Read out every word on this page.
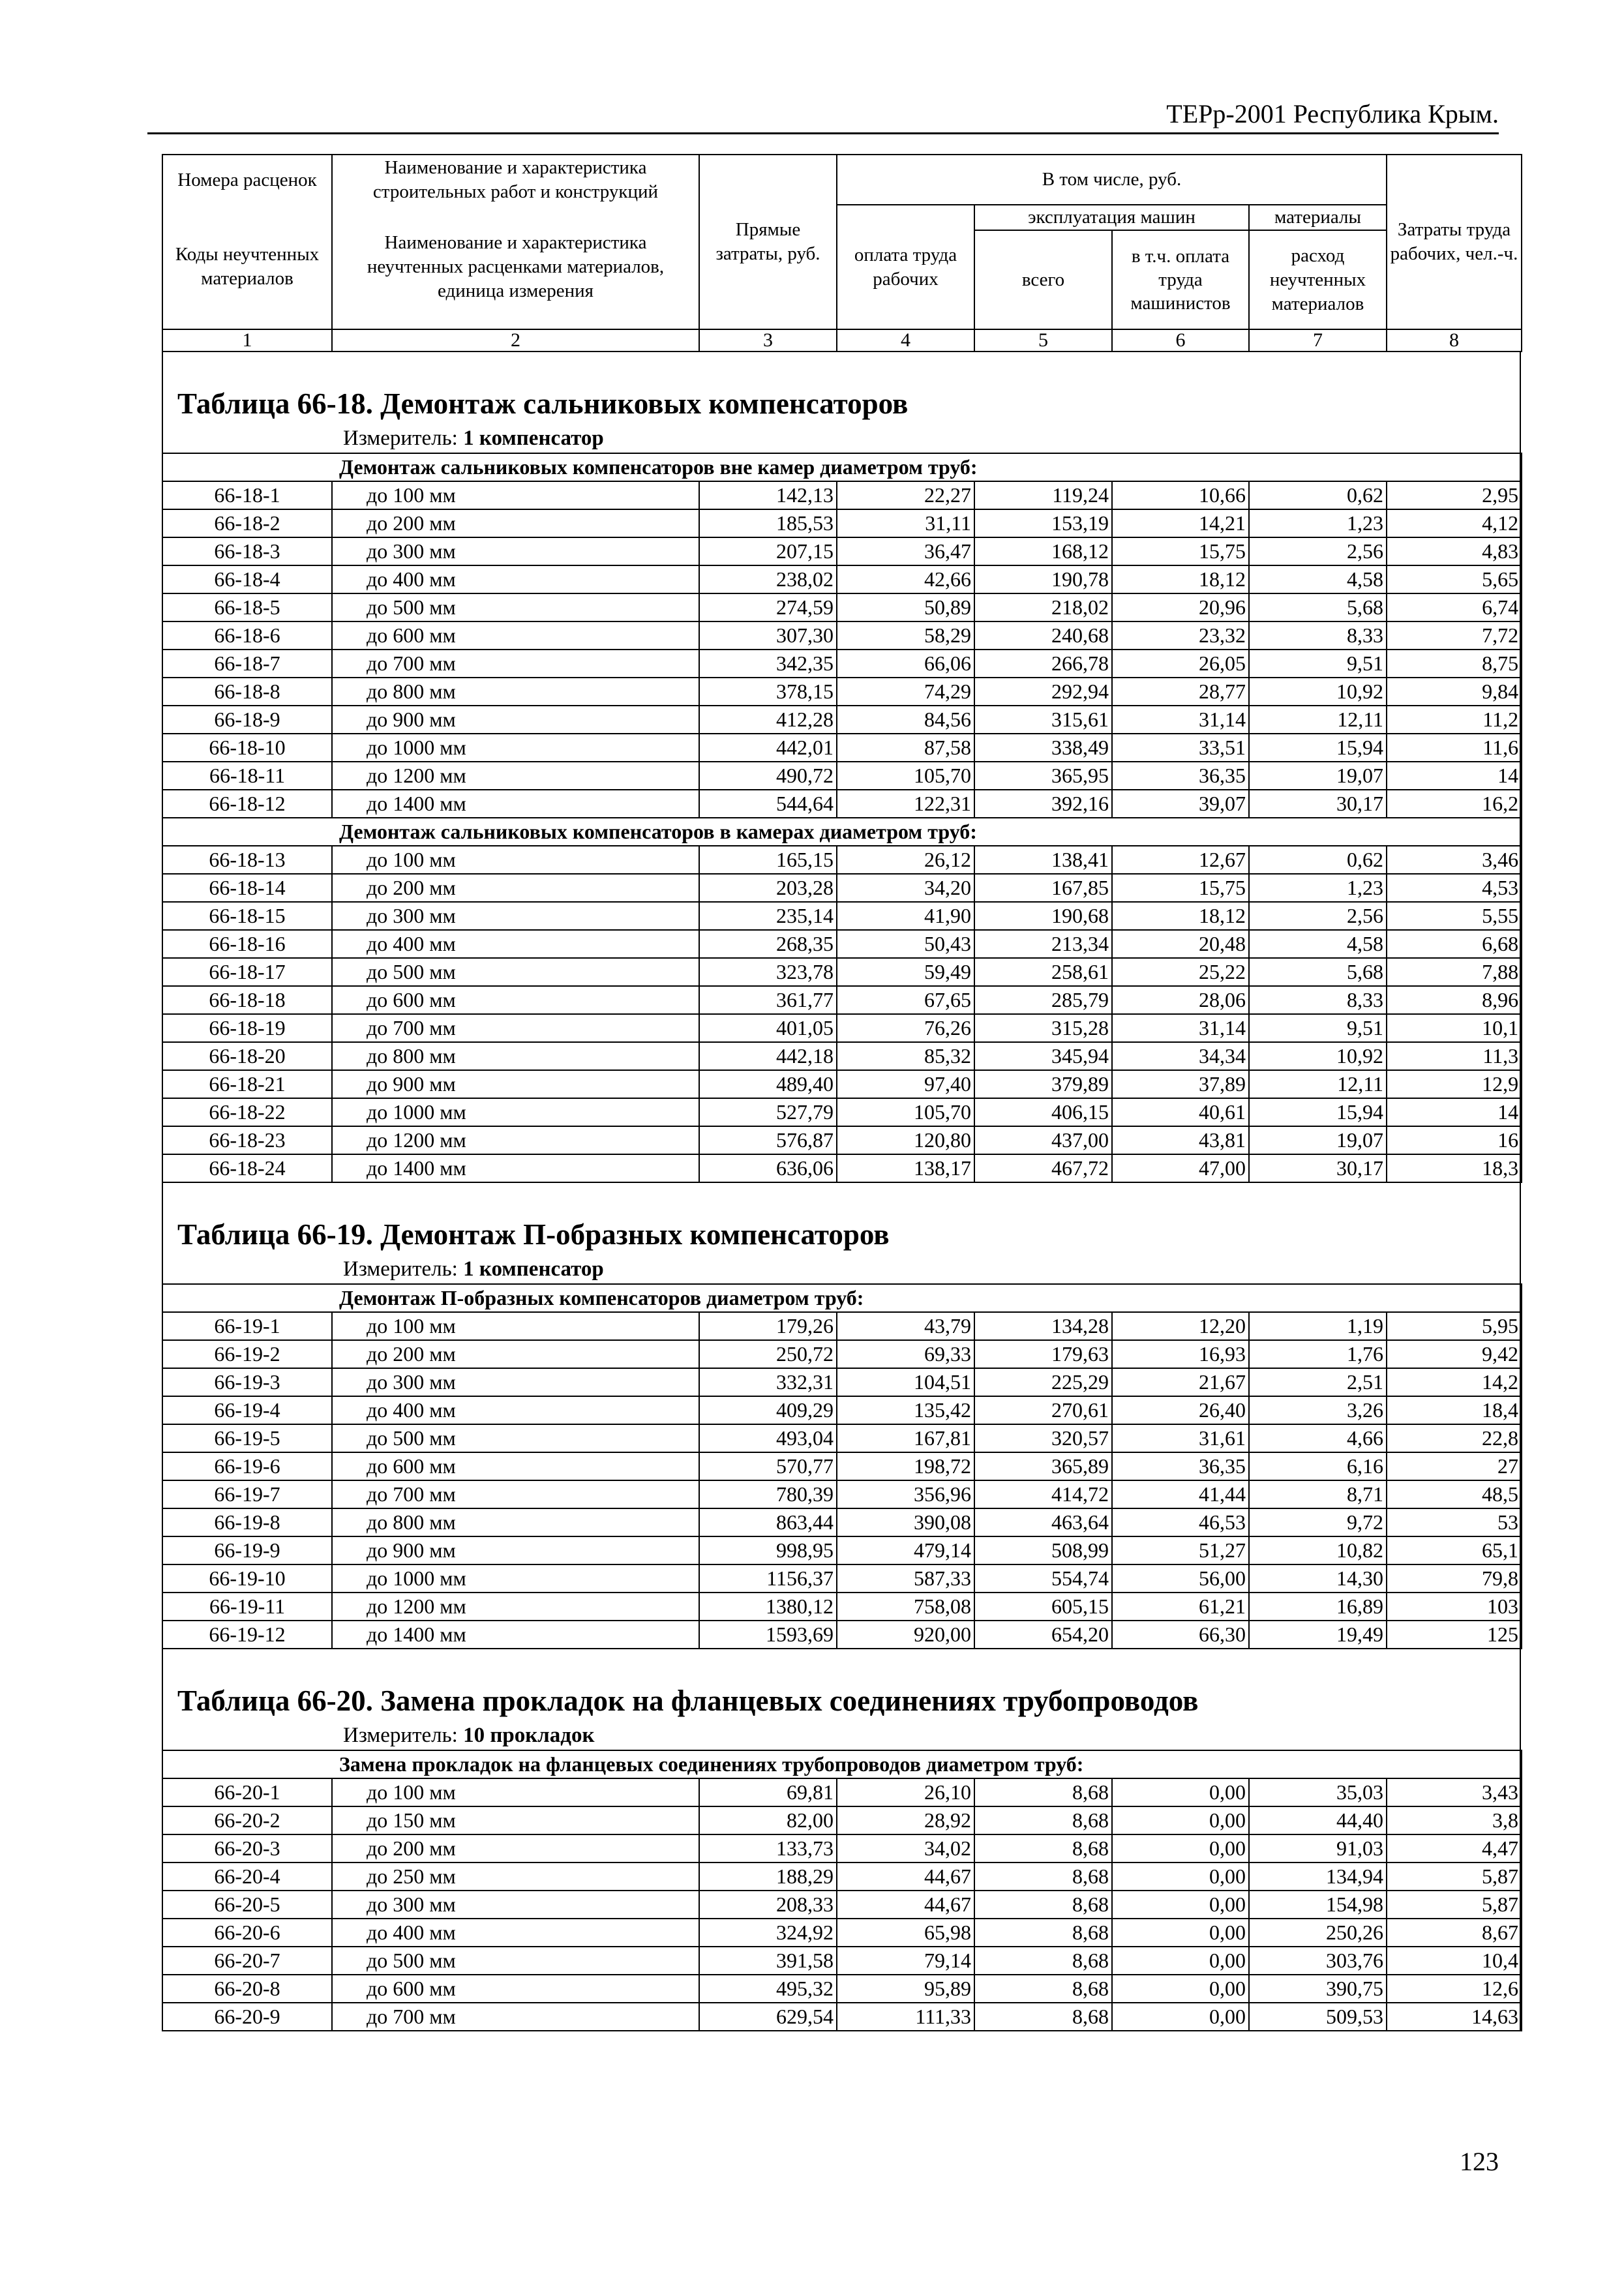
ТЕРр-2001 Республика Крым.
Номера расценок	Наименование и характеристика строительных работ и конструкций	Прямые затраты, руб.	В том числе, руб.				Затраты труда рабочих, чел.-ч.
Коды неучтенных материалов	Наименование и характеристика неучтенных расценками материалов, единица измерения		оплата труда рабочих	эксплуатация машин		материалы	
				всего	в т.ч. оплата труда машинистов	расход неучтенных материалов	

1	2	3	4	5	6	7	8
Таблица 66-18. Демонтаж сальниковых компенсаторов
Измеритель: 1 компенсатор
Демонтаж сальниковых компенсаторов вне камер диаметром труб:							
66-18-1	до 100 мм	142,13	22,27	119,24	10,66	0,62	2,95
66-18-2	до 200 мм	185,53	31,11	153,19	14,21	1,23	4,12
66-18-3	до 300 мм	207,15	36,47	168,12	15,75	2,56	4,83
66-18-4	до 400 мм	238,02	42,66	190,78	18,12	4,58	5,65
66-18-5	до 500 мм	274,59	50,89	218,02	20,96	5,68	6,74
66-18-6	до 600 мм	307,30	58,29	240,68	23,32	8,33	7,72
66-18-7	до 700 мм	342,35	66,06	266,78	26,05	9,51	8,75
66-18-8	до 800 мм	378,15	74,29	292,94	28,77	10,92	9,84
66-18-9	до 900 мм	412,28	84,56	315,61	31,14	12,11	11,2
66-18-10	до 1000 мм	442,01	87,58	338,49	33,51	15,94	11,6
66-18-11	до 1200 мм	490,72	105,70	365,95	36,35	19,07	14
66-18-12	до 1400 мм	544,64	122,31	392,16	39,07	30,17	16,2
Демонтаж сальниковых компенсаторов в камерах диаметром труб:							
66-18-13	до 100 мм	165,15	26,12	138,41	12,67	0,62	3,46
66-18-14	до 200 мм	203,28	34,20	167,85	15,75	1,23	4,53
66-18-15	до 300 мм	235,14	41,90	190,68	18,12	2,56	5,55
66-18-16	до 400 мм	268,35	50,43	213,34	20,48	4,58	6,68
66-18-17	до 500 мм	323,78	59,49	258,61	25,22	5,68	7,88
66-18-18	до 600 мм	361,77	67,65	285,79	28,06	8,33	8,96
66-18-19	до 700 мм	401,05	76,26	315,28	31,14	9,51	10,1
66-18-20	до 800 мм	442,18	85,32	345,94	34,34	10,92	11,3
66-18-21	до 900 мм	489,40	97,40	379,89	37,89	12,11	12,9
66-18-22	до 1000 мм	527,79	105,70	406,15	40,61	15,94	14
66-18-23	до 1200 мм	576,87	120,80	437,00	43,81	19,07	16
66-18-24	до 1400 мм	636,06	138,17	467,72	47,00	30,17	18,3
Таблица 66-19. Демонтаж П-образных компенсаторов
Измеритель: 1 компенсатор
Демонтаж П-образных компенсаторов диаметром труб:							
66-19-1	до 100 мм	179,26	43,79	134,28	12,20	1,19	5,95
66-19-2	до 200 мм	250,72	69,33	179,63	16,93	1,76	9,42
66-19-3	до 300 мм	332,31	104,51	225,29	21,67	2,51	14,2
66-19-4	до 400 мм	409,29	135,42	270,61	26,40	3,26	18,4
66-19-5	до 500 мм	493,04	167,81	320,57	31,61	4,66	22,8
66-19-6	до 600 мм	570,77	198,72	365,89	36,35	6,16	27
66-19-7	до 700 мм	780,39	356,96	414,72	41,44	8,71	48,5
66-19-8	до 800 мм	863,44	390,08	463,64	46,53	9,72	53
66-19-9	до 900 мм	998,95	479,14	508,99	51,27	10,82	65,1
66-19-10	до 1000 мм	1156,37	587,33	554,74	56,00	14,30	79,8
66-19-11	до 1200 мм	1380,12	758,08	605,15	61,21	16,89	103
66-19-12	до 1400 мм	1593,69	920,00	654,20	66,30	19,49	125
Таблица 66-20. Замена прокладок на фланцевых соединениях трубопроводов
Измеритель: 10 прокладок
Замена прокладок на фланцевых соединениях трубопроводов диаметром труб:							
66-20-1	до 100 мм	69,81	26,10	8,68	0,00	35,03	3,43
66-20-2	до 150 мм	82,00	28,92	8,68	0,00	44,40	3,8
66-20-3	до 200 мм	133,73	34,02	8,68	0,00	91,03	4,47
66-20-4	до 250 мм	188,29	44,67	8,68	0,00	134,94	5,87
66-20-5	до 300 мм	208,33	44,67	8,68	0,00	154,98	5,87
66-20-6	до 400 мм	324,92	65,98	8,68	0,00	250,26	8,67
66-20-7	до 500 мм	391,58	79,14	8,68	0,00	303,76	10,4
66-20-8	до 600 мм	495,32	95,89	8,68	0,00	390,75	12,6
66-20-9	до 700 мм	629,54	111,33	8,68	0,00	509,53	14,63
123
